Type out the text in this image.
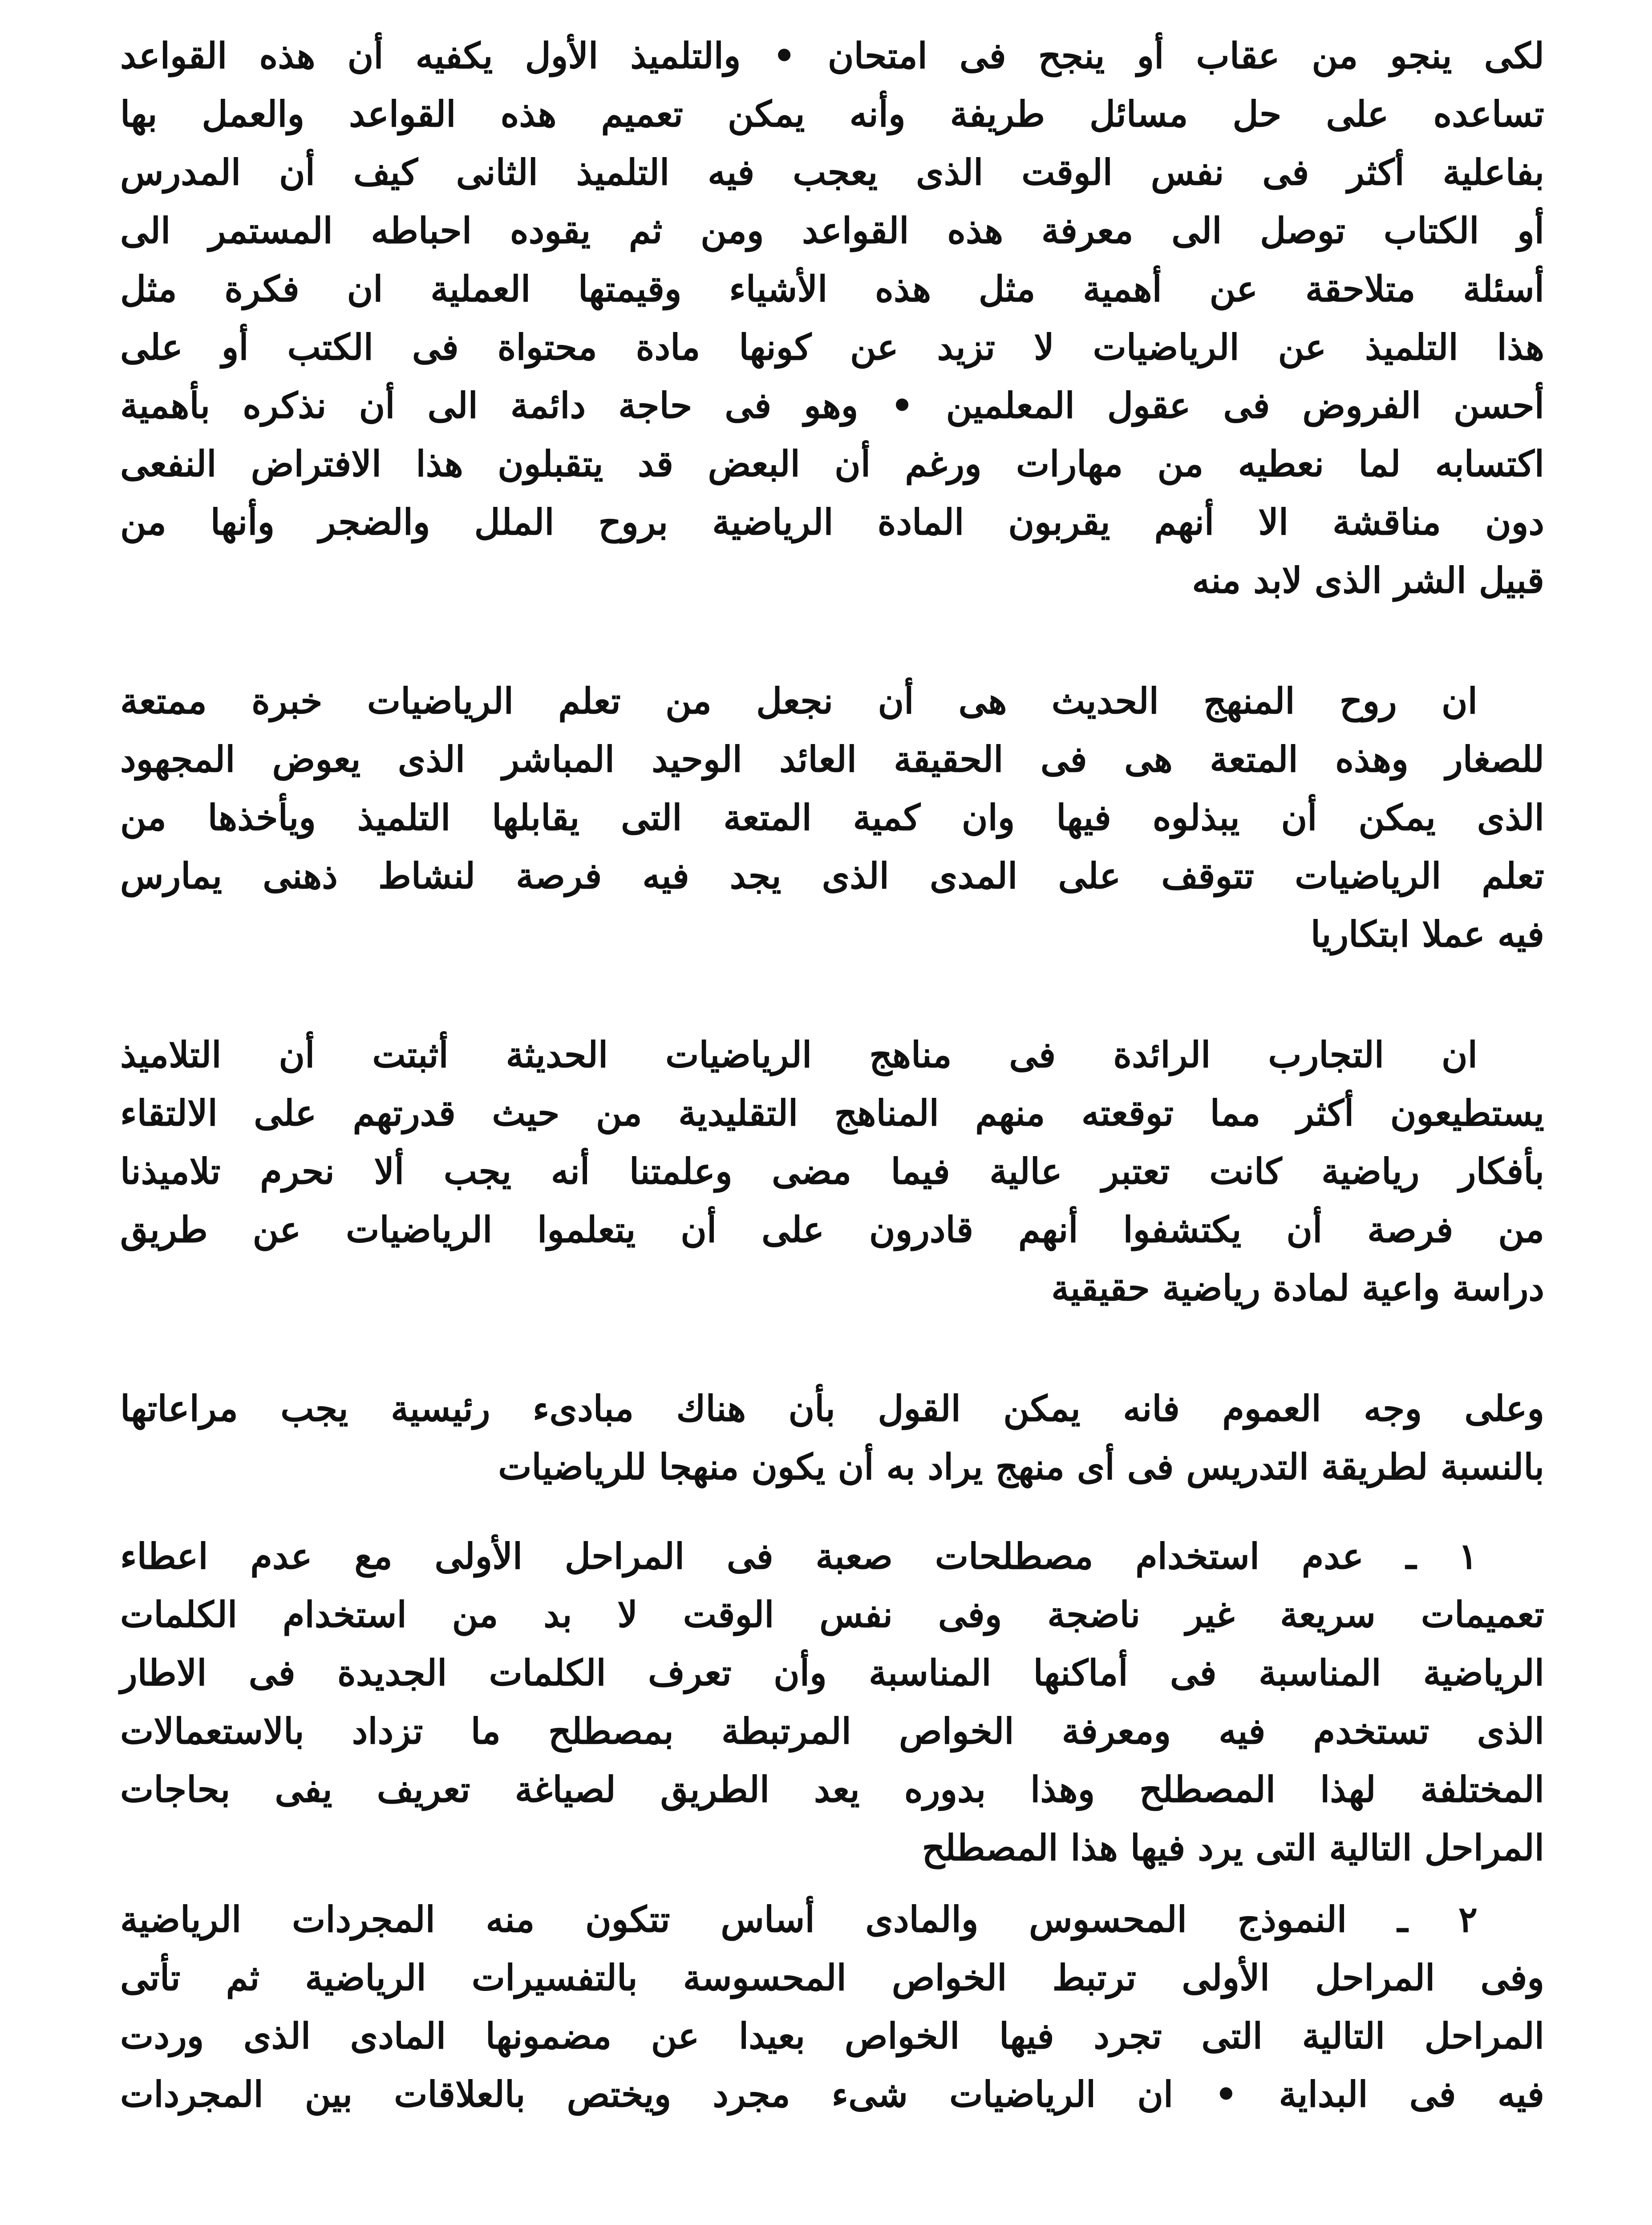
لكى ينجو من عقاب أو ينجح فى امتحان • والتلميذ الأول يكفيه أن هذه القواعد
تساعده على حل مسائل طريفة وأنه يمكن تعميم هذه القواعد والعمل بها
بفاعلية أكثر فى نفس الوقت الذى يعجب فيه التلميذ الثانى كيف أن المدرس
أو الكتاب توصل الى معرفة هذه القواعد ومن ثم يقوده احباطه المستمر الى
أسئلة متلاحقة عن أهمية مثل هذه الأشياء وقيمتها العملية ان فكرة مثل
هذا التلميذ عن الرياضيات لا تزيد عن كونها مادة محتواة فى الكتب أو على
أحسن الفروض فى عقول المعلمين • وهو فى حاجة دائمة الى أن نذكره بأهمية
اكتسابه لما نعطيه من مهارات ورغم أن البعض قد يتقبلون هذا الافتراض النفعى
دون مناقشة الا أنهم يقربون المادة الرياضية بروح الملل والضجر وأنها من
قبيل الشر الذى لابد منه
ان روح المنهج الحديث هى أن نجعل من تعلم الرياضيات خبرة ممتعة
للصغار وهذه المتعة هى فى الحقيقة العائد الوحيد المباشر الذى يعوض المجهود
الذى يمكن أن يبذلوه فيها وان كمية المتعة التى يقابلها التلميذ ويأخذها من
تعلم الرياضيات تتوقف على المدى الذى يجد فيه فرصة لنشاط ذهنى يمارس
فيه عملا ابتكاريا
ان التجارب الرائدة فى مناهج الرياضيات الحديثة أثبتت أن التلاميذ
يستطيعون أكثر مما توقعته منهم المناهج التقليدية من حيث قدرتهم على الالتقاء
بأفكار رياضية كانت تعتبر عالية فيما مضى وعلمتنا أنه يجب ألا نحرم تلاميذنا
من فرصة أن يكتشفوا أنهم قادرون على أن يتعلموا الرياضيات عن طريق
دراسة واعية لمادة رياضية حقيقية
وعلى وجه العموم فانه يمكن القول بأن هناك مبادىء رئيسية يجب مراعاتها
بالنسبة لطريقة التدريس فى أى منهج يراد به أن يكون منهجا للرياضيات
١ ـ عدم استخدام مصطلحات صعبة فى المراحل الأولى مع عدم اعطاء
تعميمات سريعة غير ناضجة وفى نفس الوقت لا بد من استخدام الكلمات
الرياضية المناسبة فى أماكنها المناسبة وأن تعرف الكلمات الجديدة فى الاطار
الذى تستخدم فيه ومعرفة الخواص المرتبطة بمصطلح ما تزداد بالاستعمالات
المختلفة لهذا المصطلح وهذا بدوره يعد الطريق لصياغة تعريف يفى بحاجات
المراحل التالية التى يرد فيها هذا المصطلح
٢ ـ النموذج المحسوس والمادى أساس تتكون منه المجردات الرياضية
وفى المراحل الأولى ترتبط الخواص المحسوسة بالتفسيرات الرياضية ثم تأتى
المراحل التالية التى تجرد فيها الخواص بعيدا عن مضمونها المادى الذى وردت
فيه فى البداية • ان الرياضيات شىء مجرد ويختص بالعلاقات بين المجردات
